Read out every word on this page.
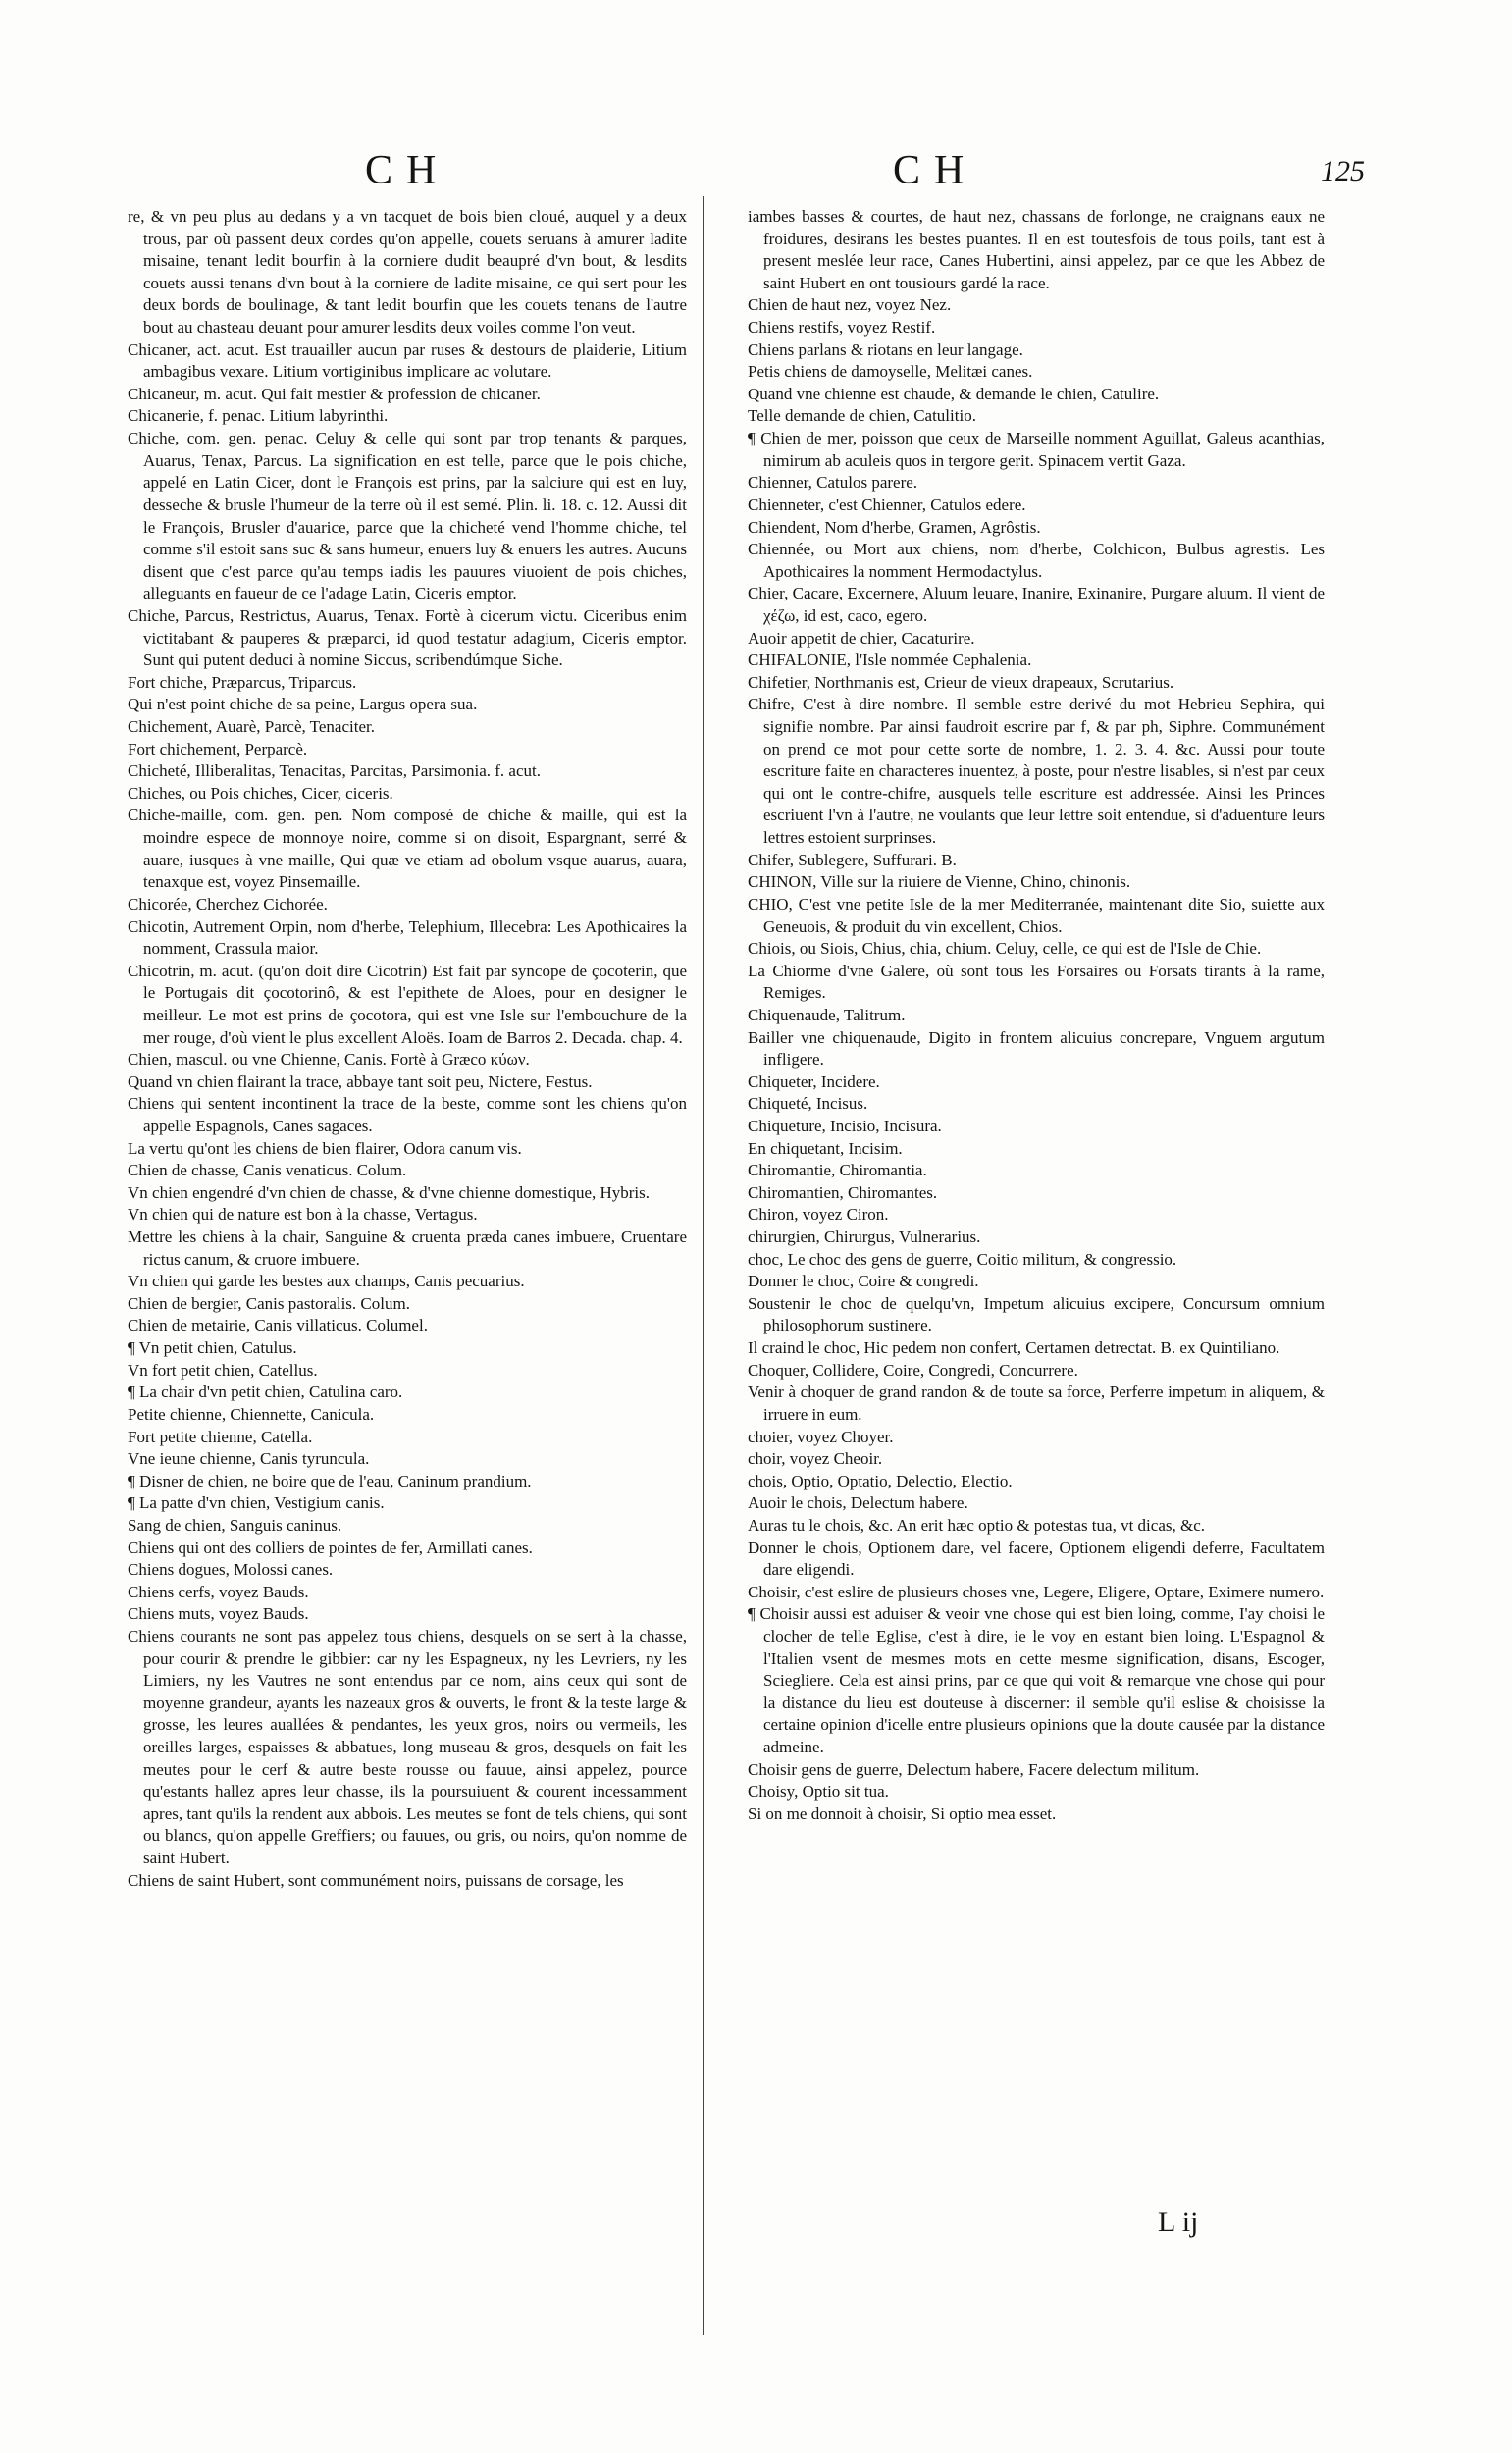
CH	CH	125

re, & vn peu plus au dedans y a vn tacquet de bois bien cloué, auquel y a deux trous, par où passent deux cordes qu'on appelle, couets seruans à amurer ladite misaine, tenant ledit bourfin à la corniere dudit beaupré d'vn bout, & lesdits couets aussi tenans d'vn bout à la corniere de ladite misaine, ce qui sert pour les deux bords de boulinage, & tant ledit bourfin que les couets tenans de l'autre bout au chasteau deuant pour amurer lesdits deux voiles comme l'on veut.

Chicaner, act. acut. Est trauailler aucun par ruses & destours de plaiderie, Litium ambagibus vexare. Litium vortiginibus implicare ac volutare.

Chicaneur, m. acut. Qui fait mestier & profession de chicaner.

Chicanerie, f. penac. Litium labyrinthi.

Chiche, com. gen. penac. Celuy & celle qui sont par trop tenants & parques, Auarus, Tenax, Parcus. La signification en est telle, parce que le pois chiche, appelé en Latin Cicer, dont le François est prins, par la salciure qui est en luy, desseche & brusle l'humeur de la terre où il est semé. Plin. li. 18. c. 12. Aussi dit le François, Brusler d'auarice, parce que la chicheté vend l'homme chiche, tel comme s'il estoit sans suc & sans humeur, enuers luy & enuers les autres. Aucuns disent que c'est parce qu'au temps iadis les pauures viuoient de pois chiches, alleguants en faueur de ce l'adage Latin, Ciceris emptor.

Chiche, Parcus, Restrictus, Auarus, Tenax. Fortè à cicerum victu. Ciceribus enim victitabant & pauperes & præparci, id quod testatur adagium, Ciceris emptor. Sunt qui putent deduci à nomine Siccus, scribendúmque Siche.

Fort chiche, Præparcus, Triparcus.

Qui n'est point chiche de sa peine, Largus opera sua.

Chichement, Auarè, Parcè, Tenaciter.

Fort chichement, Perparcè.

Chicheté, Illiberalitas, Tenacitas, Parcitas, Parsimonia. f. acut.

Chiches, ou Pois chiches, Cicer, ciceris.

Chiche-maille, com. gen. pen. Nom composé de chiche & maille, qui est la moindre espece de monnoye noire, comme si on disoit, Espargnant, serré & auare, iusques à vne maille, Qui quæ ve etiam ad obolum vsque auarus, auara, tenaxque est, voyez Pinsemaille.

Chicorée, Cherchez Cichorée.

Chicotin, Autrement Orpin, nom d'herbe, Telephium, Illecebra: Les Apothicaires la nomment, Crassula maior.

Chicotrin, m. acut. (qu'on doit dire Cicotrin) Est fait par syncope de çocoterin, que le Portugais dit çocotorinô, & est l'epithete de Aloes, pour en designer le meilleur. Le mot est prins de çocotora, qui est vne Isle sur l'embouchure de la mer rouge, d'où vient le plus excellent Aloës. Ioam de Barros 2. Decada. chap. 4.

Chien, mascul. ou vne Chienne, Canis. Fortè à Græco κύων.

Quand vn chien flairant la trace, abbaye tant soit peu, Nictere, Festus.

Chiens qui sentent incontinent la trace de la beste, comme sont les chiens qu'on appelle Espagnols, Canes sagaces.

La vertu qu'ont les chiens de bien flairer, Odora canum vis.

Chien de chasse, Canis venaticus. Colum.

Vn chien engendré d'vn chien de chasse, & d'vne chienne domestique, Hybris.

Vn chien qui de nature est bon à la chasse, Vertagus.

Mettre les chiens à la chair, Sanguine & cruenta præda canes imbuere, Cruentare rictus canum, & cruore imbuere.

Vn chien qui garde les bestes aux champs, Canis pecuarius.

Chien de bergier, Canis pastoralis. Colum.

Chien de metairie, Canis villaticus. Columel.

¶ Vn petit chien, Catulus.

Vn fort petit chien, Catellus.

¶ La chair d'vn petit chien, Catulina caro.

Petite chienne, Chiennette, Canicula.

Fort petite chienne, Catella.

Vne ieune chienne, Canis tyruncula.

¶ Disner de chien, ne boire que de l'eau, Caninum prandium.

¶ La patte d'vn chien, Vestigium canis.

Sang de chien, Sanguis caninus.

Chiens qui ont des colliers de pointes de fer, Armillati canes.

Chiens dogues, Molossi canes.

Chiens cerfs, voyez Bauds.

Chiens muts, voyez Bauds.

Chiens courants ne sont pas appelez tous chiens, desquels on se sert à la chasse, pour courir & prendre le gibbier: car ny les Espagneux, ny les Levriers, ny les Limiers, ny les Vautres ne sont entendus par ce nom, ains ceux qui sont de moyenne grandeur, ayants les nazeaux gros & ouverts, le front & la teste large & grosse, les leures auallées & pendantes, les yeux gros, noirs ou vermeils, les oreilles larges, espaisses & abbatues, long museau & gros, desquels on fait les meutes pour le cerf & autre beste rousse ou fauue, ainsi appelez, pource qu'estants hallez apres leur chasse, ils la poursuiuent & courent incessamment apres, tant qu'ils la rendent aux abbois. Les meutes se font de tels chiens, qui sont ou blancs, qu'on appelle Greffiers; ou fauues, ou gris, ou noirs, qu'on nomme de saint Hubert.

Chiens de saint Hubert, sont communément noirs, puissans de corsage, les

iambes basses & courtes, de haut nez, chassans de forlonge, ne craignans eaux ne froidures, desirans les bestes puantes. Il en est toutesfois de tous poils, tant est à present meslée leur race, Canes Hubertini, ainsi appelez, par ce que les Abbez de saint Hubert en ont tousiours gardé la race.

Chien de haut nez, voyez Nez.

Chiens restifs, voyez Restif.

Chiens parlans & riotans en leur langage.

Petis chiens de damoyselle, Melitæi canes.

Quand vne chienne est chaude, & demande le chien, Catulire.

Telle demande de chien, Catulitio.

¶ Chien de mer, poisson que ceux de Marseille nomment Aguillat, Galeus acanthias, nimirum ab aculeis quos in tergore gerit. Spinacem vertit Gaza.

Chienner, Catulos parere.

Chienneter, c'est Chienner, Catulos edere.

Chiendent, Nom d'herbe, Gramen, Agrôstis.

Chiennée, ou Mort aux chiens, nom d'herbe, Colchicon, Bulbus agrestis. Les Apothicaires la nomment Hermodactylus.

Chier, Cacare, Excernere, Aluum leuare, Inanire, Exinanire, Purgare aluum. Il vient de χέζω, id est, caco, egero.

Auoir appetit de chier, Cacaturire.

CHIFALONIE, l'Isle nommée Cephalenia.

Chifetier, Northmanis est, Crieur de vieux drapeaux, Scrutarius.

Chifre, C'est à dire nombre. Il semble estre derivé du mot Hebrieu Sephira, qui signifie nombre. Par ainsi faudroit escrire par f, & par ph, Siphre. Communément on prend ce mot pour cette sorte de nombre, 1. 2. 3. 4. &c. Aussi pour toute escriture faite en characteres inuentez, à poste, pour n'estre lisables, si n'est par ceux qui ont le contre-chifre, ausquels telle escriture est addressée. Ainsi les Princes escriuent l'vn à l'autre, ne voulants que leur lettre soit entendue, si d'aduenture leurs lettres estoient surprinses.

Chifer, Sublegere, Suffurari. B.

CHINON, Ville sur la riuiere de Vienne, Chino, chinonis.

CHIO, C'est vne petite Isle de la mer Mediterranée, maintenant dite Sio, suiette aux Geneuois, & produit du vin excellent, Chios.

Chiois, ou Siois, Chius, chia, chium. Celuy, celle, ce qui est de l'Isle de Chie.

La Chiorme d'vne Galere, où sont tous les Forsaires ou Forsats tirants à la rame, Remiges.

Chiquenaude, Talitrum.

Bailler vne chiquenaude, Digito in frontem alicuius concrepare, Vnguem argutum infligere.

Chiqueter, Incidere.

Chiqueté, Incisus.

Chiqueture, Incisio, Incisura.

En chiquetant, Incisim.

Chiromantie, Chiromantia.

Chiromantien, Chiromantes.

Chiron, voyez Ciron.

chirurgien, Chirurgus, Vulnerarius.

choc, Le choc des gens de guerre, Coitio militum, & congressio.

Donner le choc, Coire & congredi.

Soustenir le choc de quelqu'vn, Impetum alicuius excipere, Concursum omnium philosophorum sustinere.

Il craind le choc, Hic pedem non confert, Certamen detrectat. B. ex Quintiliano.

Choquer, Collidere, Coire, Congredi, Concurrere.

Venir à choquer de grand randon & de toute sa force, Perferre impetum in aliquem, & irruere in eum.

choier, voyez Choyer.

choir, voyez Cheoir.

chois, Optio, Optatio, Delectio, Electio.

Auoir le chois, Delectum habere.

Auras tu le chois, &c. An erit hæc optio & potestas tua, vt dicas, &c.

Donner le chois, Optionem dare, vel facere, Optionem eligendi deferre, Facultatem dare eligendi.

Choisir, c'est eslire de plusieurs choses vne, Legere, Eligere, Optare, Eximere numero.

¶ Choisir aussi est aduiser & veoir vne chose qui est bien loing, comme, I'ay choisi le clocher de telle Eglise, c'est à dire, ie le voy en estant bien loing. L'Espagnol & l'Italien vsent de mesmes mots en cette mesme signification, disans, Escoger, Sciegliere. Cela est ainsi prins, par ce que qui voit & remarque vne chose qui pour la distance du lieu est douteuse à discerner: il semble qu'il eslise & choisisse la certaine opinion d'icelle entre plusieurs opinions que la doute causée par la distance admeine.

Choisir gens de guerre, Delectum habere, Facere delectum militum.

Choisy, Optio sit tua.

Si on me donnoit à choisir, Si optio mea esset.

L ij
